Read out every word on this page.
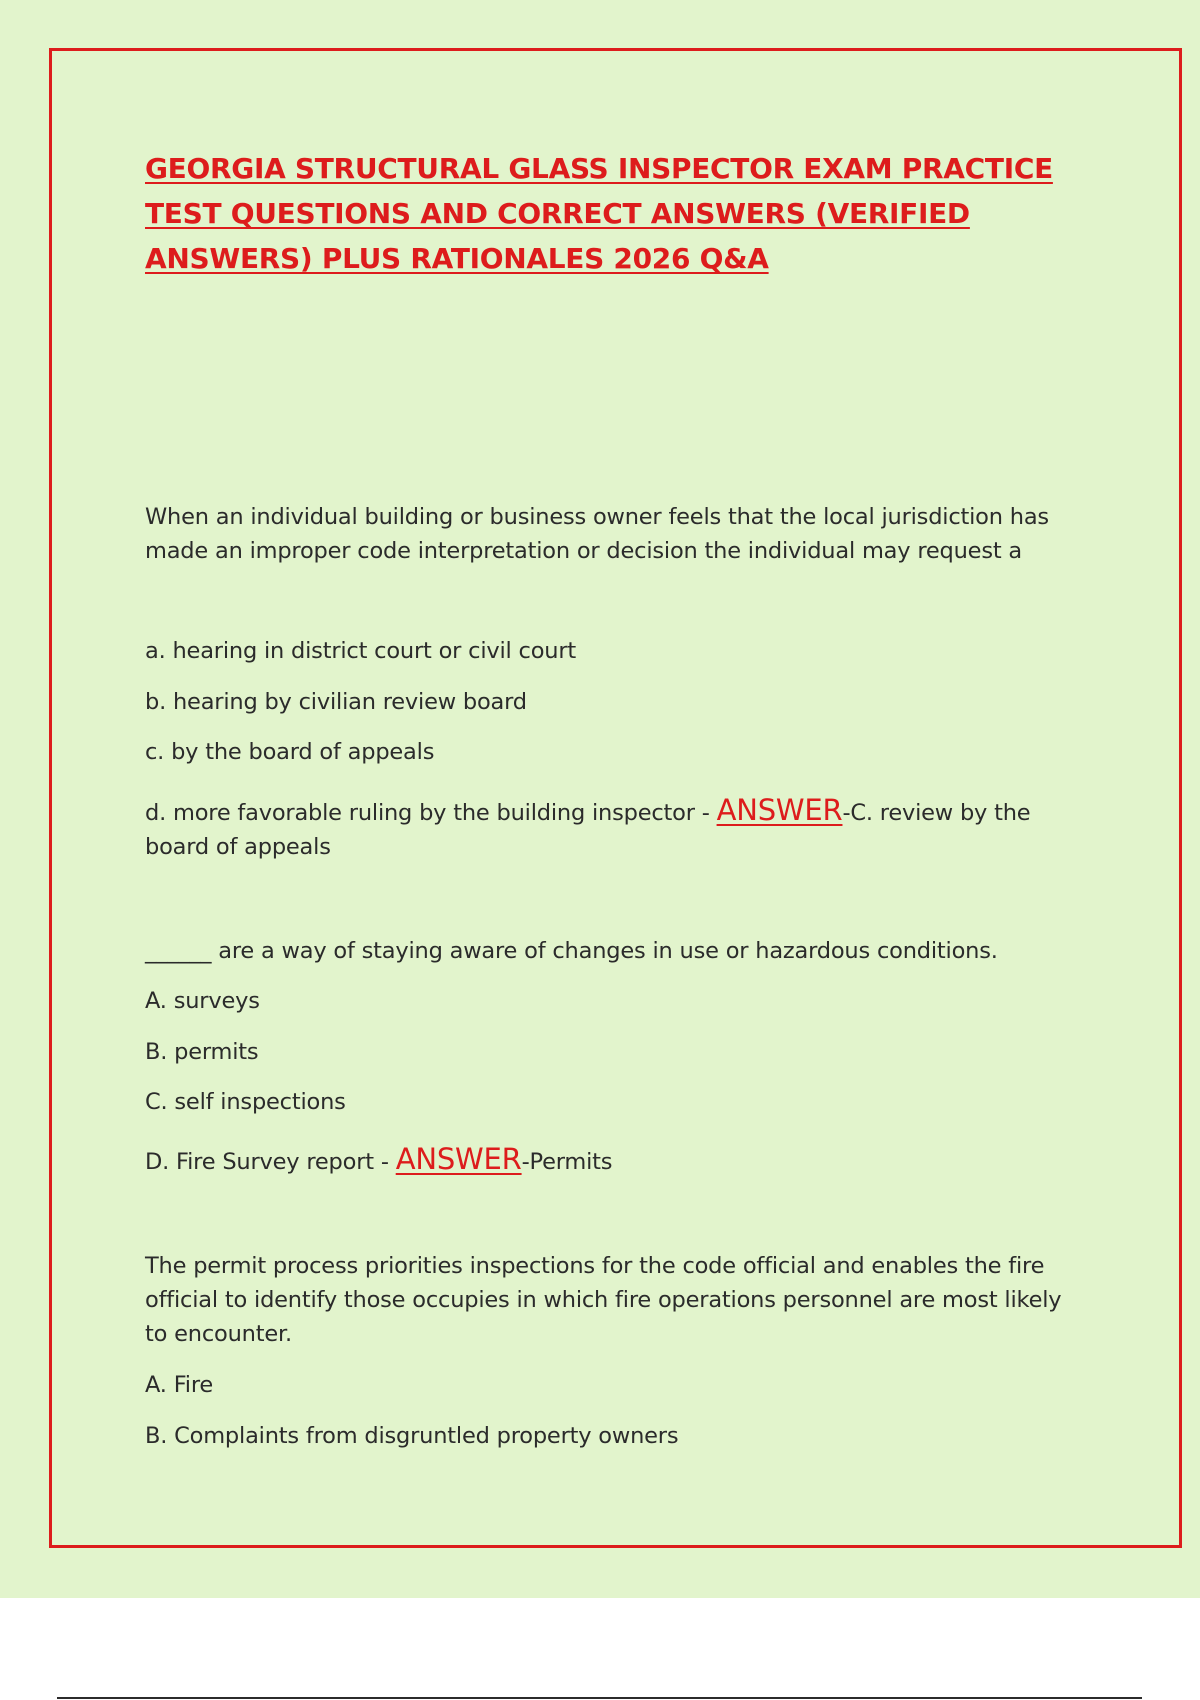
GEORGIA STRUCTURAL GLASS INSPECTOR EXAM PRACTICE TEST QUESTIONS AND CORRECT ANSWERS (VERIFIED ANSWERS) PLUS RATIONALES 2026 Q&A

When an individual building or business owner feels that the local jurisdiction has made an improper code interpretation or decision the individual may request a

a. hearing in district court or civil court

b. hearing by civilian review board

c. by the board of appeals

d. more favorable ruling by the building inspector - ANSWER-C. review by the board of appeals

______ are a way of staying aware of changes in use or hazardous conditions.

A. surveys

B. permits

C. self inspections

D. Fire Survey report - ANSWER-Permits

The permit process priorities inspections for the code official and enables the fire official to identify those occupies in which fire operations personnel are most likely to encounter.

A. Fire

B. Complaints from disgruntled property owners
